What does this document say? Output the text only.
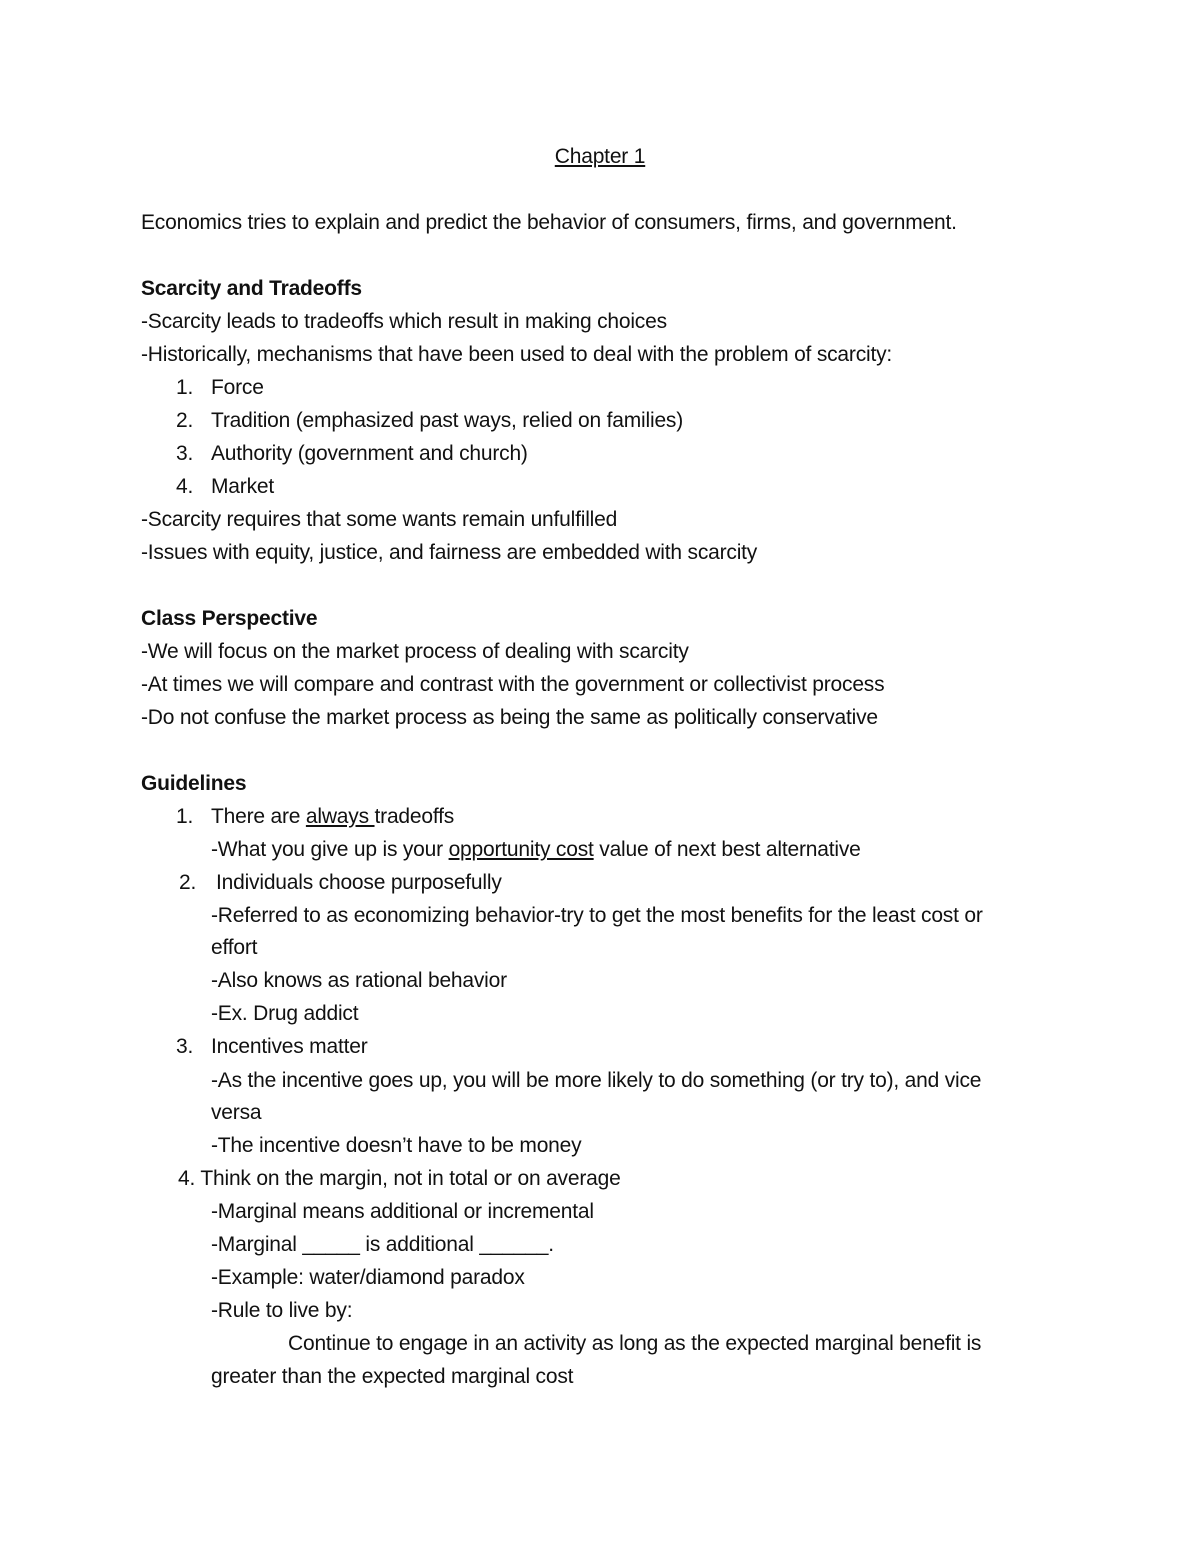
Chapter 1
Economics tries to explain and predict the behavior of consumers, firms, and government.
Scarcity and Tradeoffs
-Scarcity leads to tradeoffs which result in making choices
-Historically, mechanisms that have been used to deal with the problem of scarcity:
1. Force
2. Tradition (emphasized past ways, relied on families)
3. Authority (government and church)
4. Market
-Scarcity requires that some wants remain unfulfilled
-Issues with equity, justice, and fairness are embedded with scarcity
Class Perspective
-We will focus on the market process of dealing with scarcity
-At times we will compare and contrast with the government or collectivist process
-Do not confuse the market process as being the same as politically conservative
Guidelines
1. There are always tradeoffs
-What you give up is your opportunity cost value of next best alternative
2. Individuals choose purposefully
-Referred to as economizing behavior-try to get the most benefits for the least cost or
effort
-Also knows as rational behavior
-Ex. Drug addict
3. Incentives matter
-As the incentive goes up, you will be more likely to do something (or try to), and vice
versa
-The incentive doesn’t have to be money
4. Think on the margin, not in total or on average
-Marginal means additional or incremental
-Marginal _____ is additional ______.
-Example: water/diamond paradox
-Rule to live by:
Continue to engage in an activity as long as the expected marginal benefit is
greater than the expected marginal cost
